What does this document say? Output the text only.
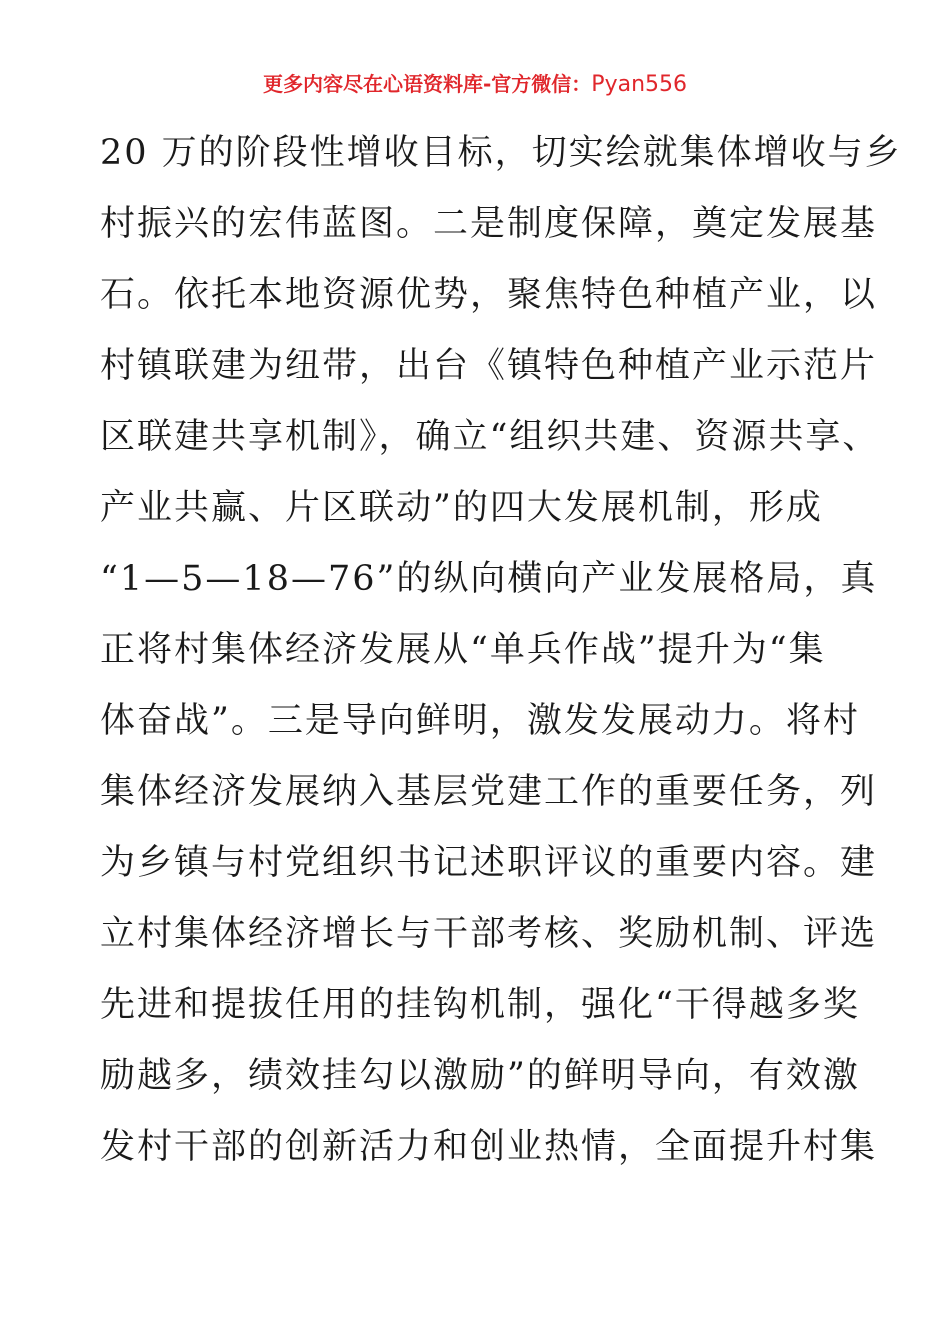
更多内容尽在心语资料库-官方微信：Pyan556
20 万的阶段性增收目标，切实绘就集体增收与乡
村振兴的宏伟蓝图。二是制度保障，奠定发展基
石。依托本地资源优势，聚焦特色种植产业，以
村镇联建为纽带，出台《镇特色种植产业示范片
区联建共享机制》，确立“组织共建、资源共享、
产业共赢、片区联动”的四大发展机制，形成
“1—5—18—76”的纵向横向产业发展格局，真
正将村集体经济发展从“单兵作战”提升为“集
体奋战”。三是导向鲜明，激发发展动力。将村
集体经济发展纳入基层党建工作的重要任务，列
为乡镇与村党组织书记述职评议的重要内容。建
立村集体经济增长与干部考核、奖励机制、评选
先进和提拔任用的挂钩机制，强化“干得越多奖
励越多，绩效挂勾以激励”的鲜明导向，有效激
发村干部的创新活力和创业热情，全面提升村集
